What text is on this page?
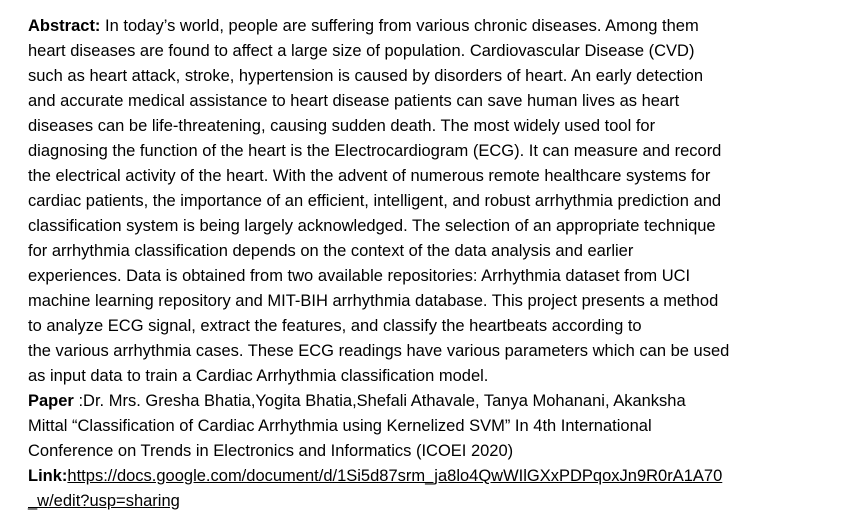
Abstract: In today’s world, people are suffering from various chronic diseases. Among them
heart diseases are found to affect a large size of population. Cardiovascular Disease (CVD)
such as heart attack, stroke, hypertension is caused by disorders of heart. An early detection
and accurate medical assistance to heart disease patients can save human lives as heart
diseases can be life-threatening, causing sudden death. The most widely used tool for
diagnosing the function of the heart is the Electrocardiogram (ECG). It can measure and record
the electrical activity of the heart. With the advent of numerous remote healthcare systems for
cardiac patients, the importance of an efficient, intelligent, and robust arrhythmia prediction and
classification system is being largely acknowledged. The selection of an appropriate technique
for arrhythmia classification depends on the context of the data analysis and earlier
experiences. Data is obtained from two available repositories: Arrhythmia dataset from UCI
machine learning repository and MIT-BIH arrhythmia database. This project presents a method
to analyze ECG signal, extract the features, and classify the heartbeats according to
the various arrhythmia cases. These ECG readings have various parameters which can be used
as input data to train a Cardiac Arrhythmia classification model.
Paper :Dr. Mrs. Gresha Bhatia,Yogita Bhatia,Shefali Athavale, Tanya Mohanani, Akanksha
Mittal “Classification of Cardiac Arrhythmia using Kernelized SVM” In 4th International
Conference on Trends in Electronics and Informatics (ICOEI 2020)
Link:https://docs.google.com/document/d/1Si5d87srm_ja8lo4QwWIlGXxPDPqoxJn9R0rA1A70
_w/edit?usp=sharing
